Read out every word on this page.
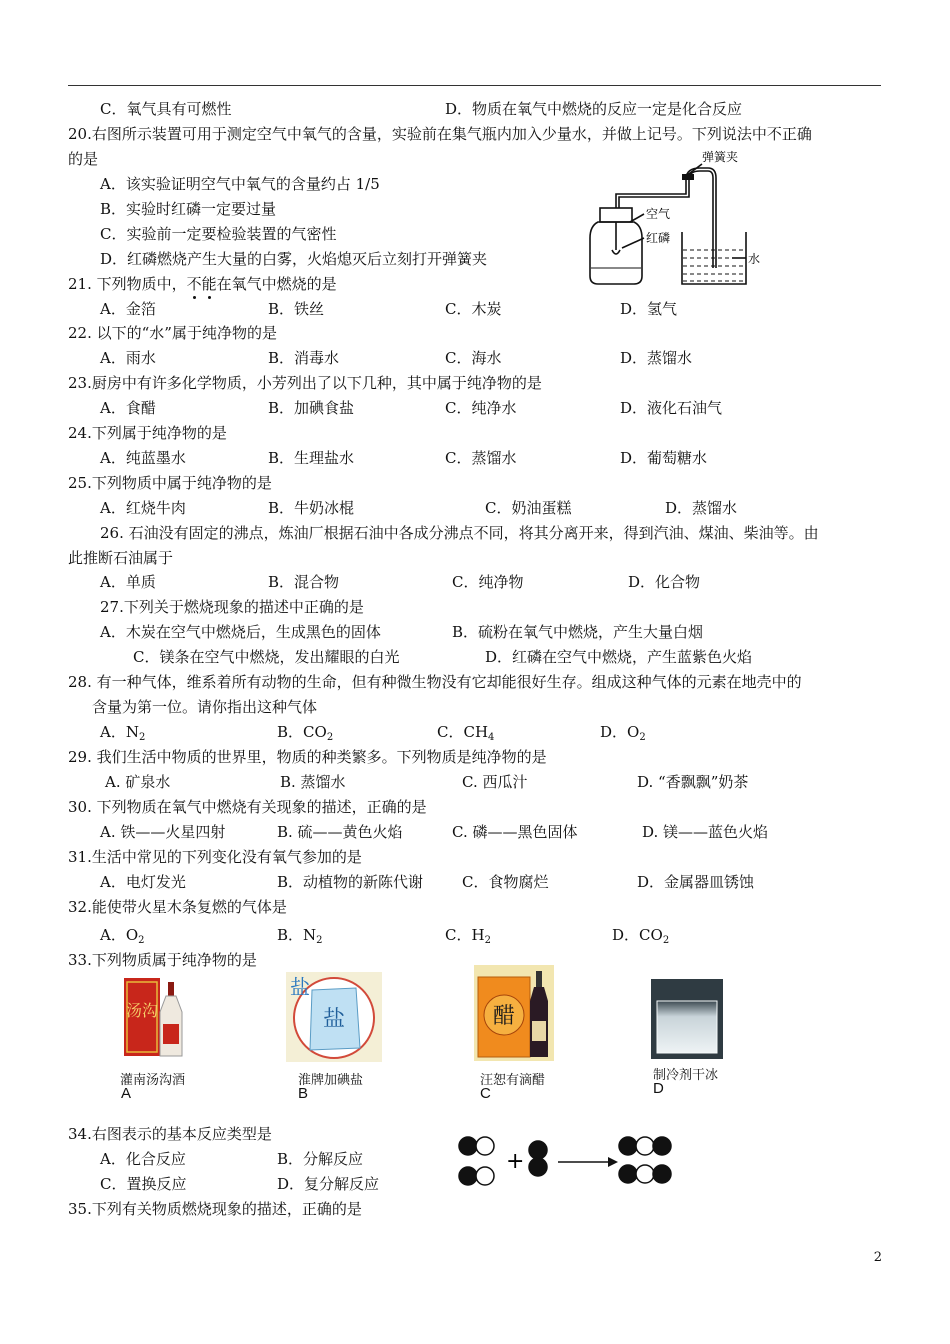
C．氧气具有可燃性	D．物质在氧气中燃烧的反应一定是化合反应
20.右图所示装置可用于测定空气中氧气的含量，实验前在集气瓶内加入少量水，并做上记号。下列说法中不正确
的是
A．该实验证明空气中氧气的含量约占 1/5
B．实验时红磷一定要过量
C．实验前一定要检验装置的气密性
D．红磷燃烧产生大量的白雾，火焰熄灭后立刻打开弹簧夹
A．金箔	B．铁丝	C．木炭	D．氢气
22. 以下的“水”属于纯净物的是
A．雨水	B．消毒水	C．海水	D．蒸馏水
23.厨房中有许多化学物质，小芳列出了以下几种，其中属于纯净物的是
A．食醋	B．加碘食盐	C．纯净水	D．液化石油气
24.下列属于纯净物的是
A．纯蓝墨水	B．生理盐水	C．蒸馏水	D．葡萄糖水
25.下列物质中属于纯净物的是
A．红烧牛肉	B．牛奶冰棍	C．奶油蛋糕	D．蒸馏水
26. 石油没有固定的沸点，炼油厂根据石油中各成分沸点不同，将其分离开来，得到汽油、煤油、柴油等。由
此推断石油属于
A．单质	B．混合物	C．纯净物	D．化合物
27.下列关于燃烧现象的描述中正确的是
A．木炭在空气中燃烧后，生成黑色的固体	B．硫粉在氧气中燃烧，产生大量白烟
C．镁条在空气中燃烧，发出耀眼的白光	D．红磷在空气中燃烧，产生蓝紫色火焰
28. 有一种气体，维系着所有动物的生命，但有种微生物没有它却能很好生存。组成这种气体的元素在地壳中的
含量为第一位。请你指出这种气体
29. 我们生活中物质的世界里，物质的种类繁多。下列物质是纯净物的是
A. 矿泉水	B. 蒸馏水	C. 西瓜汁	D. “香飘飘”奶茶
30. 下列物质在氧气中燃烧有关现象的描述，正确的是
A. 铁——火星四射	B. 硫——黄色火焰	C. 磷——黑色固体	D. 镁——蓝色火焰
31.生活中常见的下列变化没有氧气参加的是
A．电灯发光	B．动植物的新陈代谢	C．食物腐烂	D．金属器皿锈蚀
32.能使带火星木条复燃的气体是
33.下列物质属于纯净物的是
34.右图表示的基本反应类型是
A．化合反应	B．分解反应
C．置换反应	D．复分解反应
35.下列有关物质燃烧现象的描述，正确的是
21. 下列物质中，不能在氧气中燃烧的是
A．$N_2$	B．$CO_2$	C．$CH_4$	D．$O_2$
A．$O_2$	B．$N_2$	C．$H_2$	D．$CO_2$
弹簧夹
空气
红磷
水
汤沟	盐
盐
醋
灌南汤沟酒
A
淮牌加碘盐
B
汪恕有滴醋
C
制冷剂干冰
D
+
2
